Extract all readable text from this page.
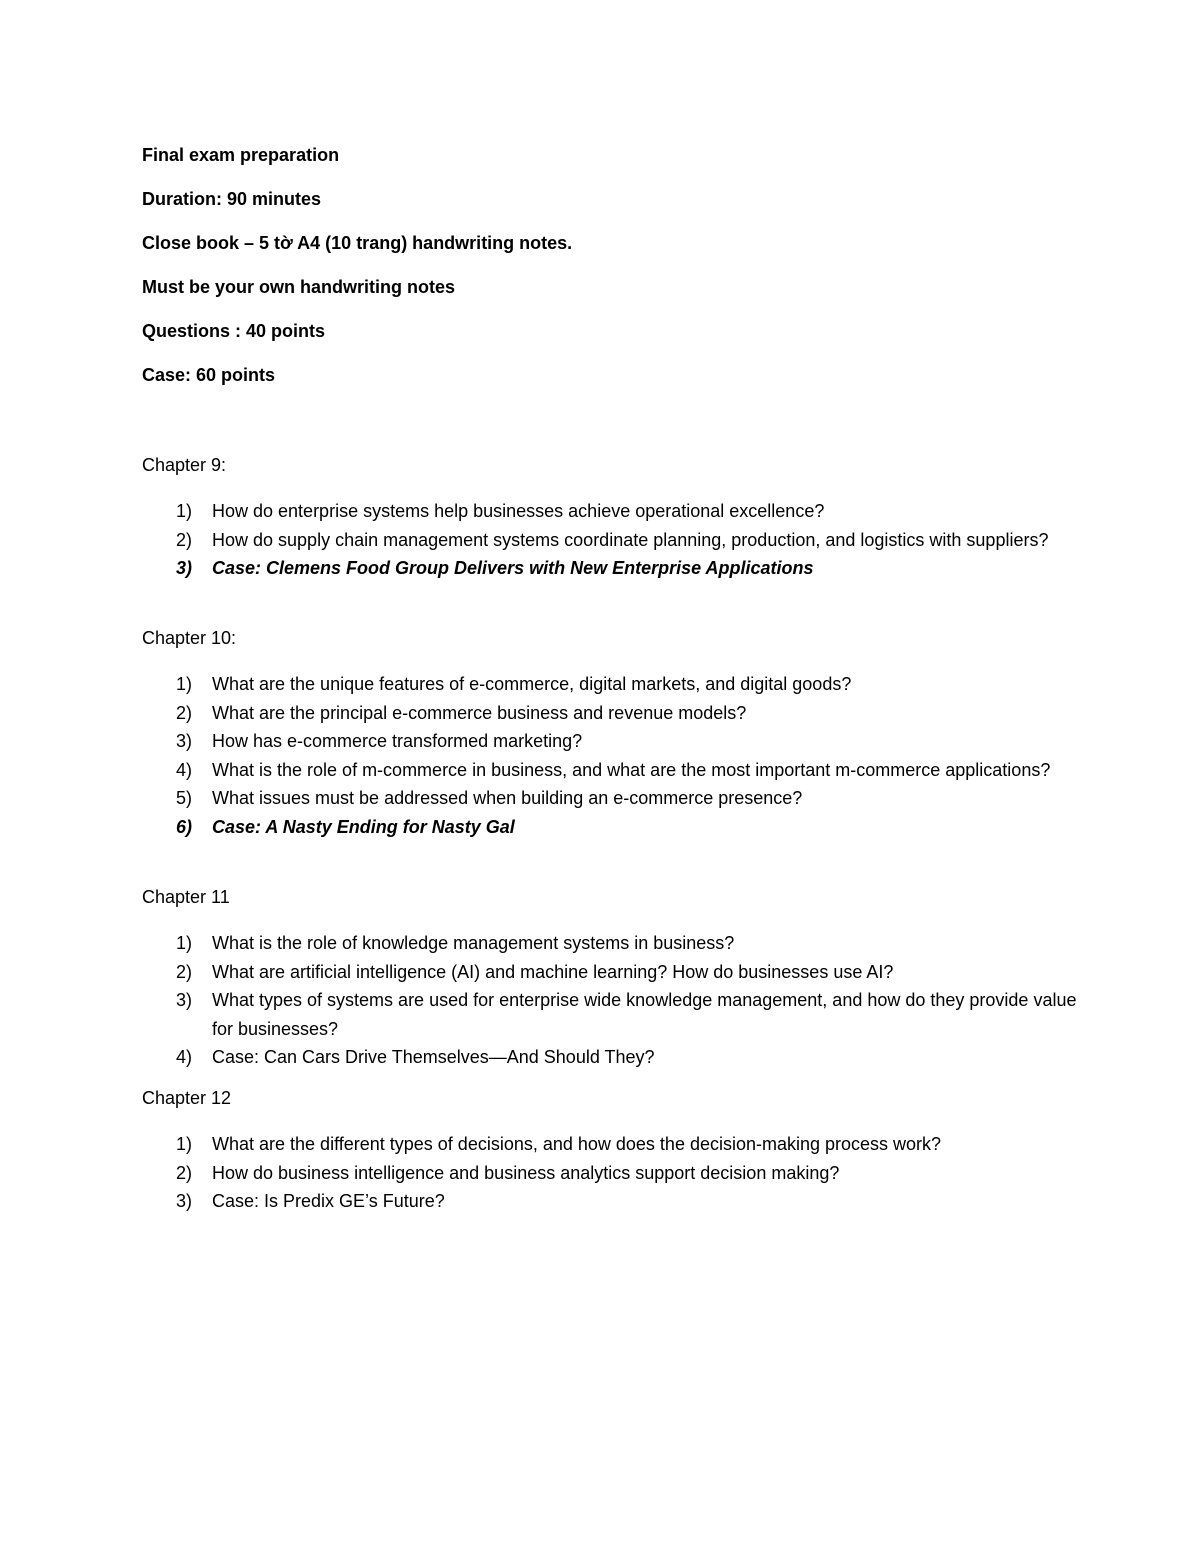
Final exam preparation
Duration: 90 minutes
Close book – 5 tờ A4 (10 trang) handwriting notes.
Must be your own handwriting notes
Questions : 40 points
Case: 60 points
Chapter 9:
1) How do enterprise systems help businesses achieve operational excellence?
2) How do supply chain management systems coordinate planning, production, and logistics with suppliers?
3) Case: Clemens Food Group Delivers with New Enterprise Applications
Chapter 10:
1) What are the unique features of e-commerce, digital markets, and digital goods?
2) What are the principal e-commerce business and revenue models?
3) How has e-commerce transformed marketing?
4) What is the role of m-commerce in business, and what are the most important m-commerce applications?
5) What issues must be addressed when building an e-commerce presence?
6) Case: A Nasty Ending for Nasty Gal
Chapter 11
1) What is the role of knowledge management systems in business?
2) What are artificial intelligence (AI) and machine learning? How do businesses use AI?
3) What types of systems are used for enterprise wide knowledge management, and how do they provide value for businesses?
4) Case: Can Cars Drive Themselves—And Should They?
Chapter 12
1) What are the different types of decisions, and how does the decision-making process work?
2) How do business intelligence and business analytics support decision making?
3) Case: Is Predix GE’s Future?
